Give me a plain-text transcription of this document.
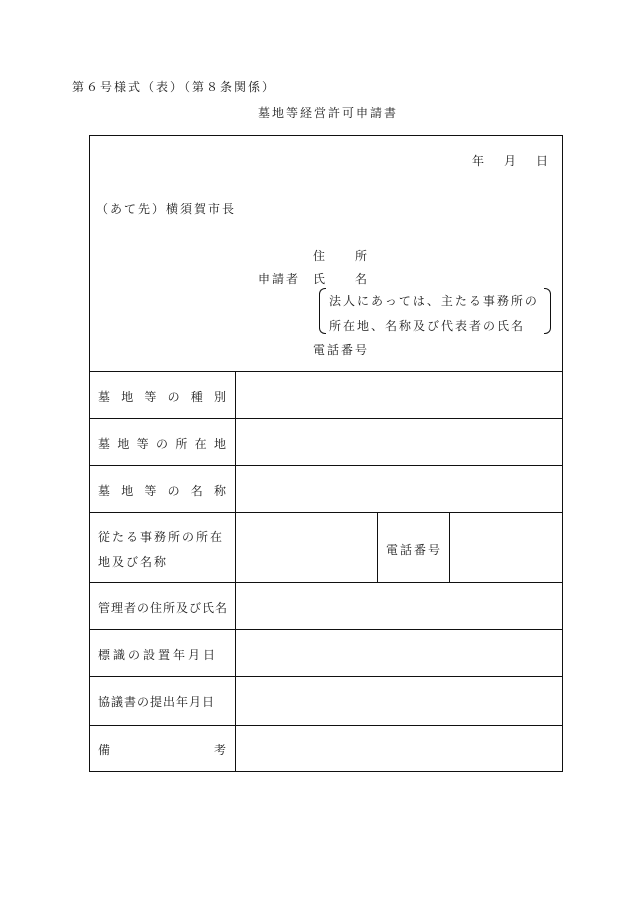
第６号様式（表）（第８条関係）
墓地等経営許可申請書
年 月 日
（あて先）横須賀市長
住　　所
申請者 氏　　名
法人にあっては、主たる事務所の
所在地、名称及び代表者の氏名
電話番号
墓 地 等 の 種 別
墓 地 等 の 所 在 地
墓 地 等 の 名 称
従たる事務所の所在
地及び名称
電話番号
管理者の住所及び氏名
標識の設置年月日
協議書の提出年月日
備	考
